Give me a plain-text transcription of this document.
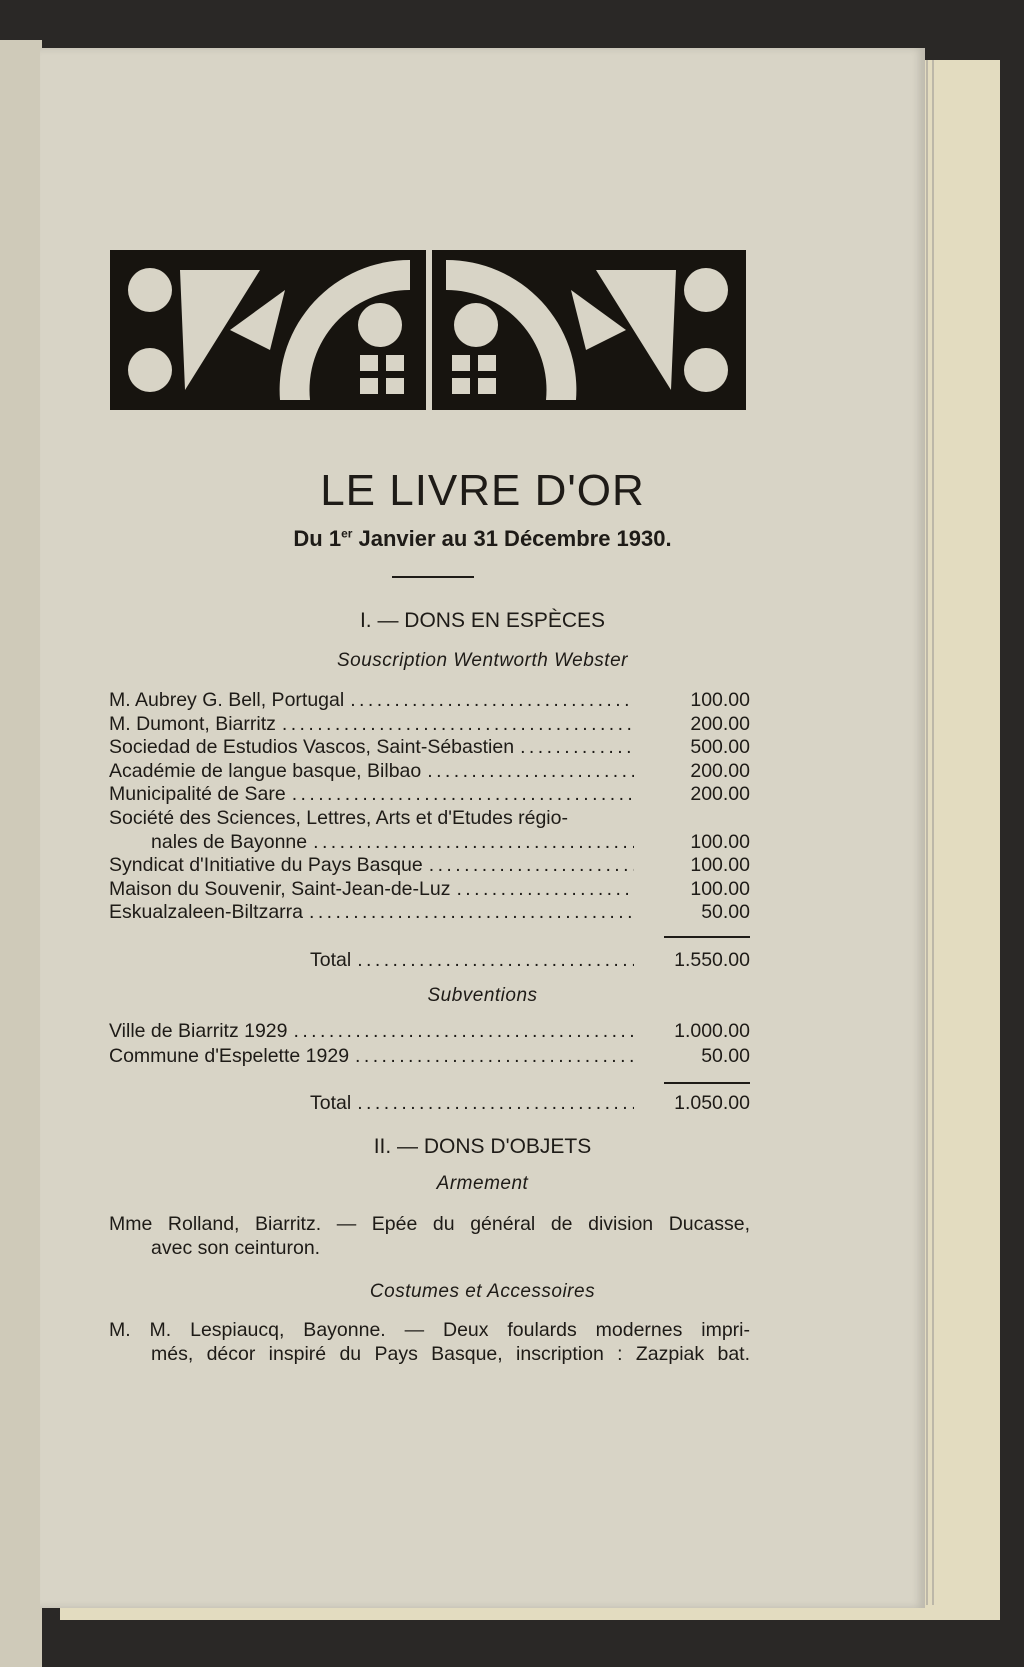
LE LIVRE D'OR
Du 1er Janvier au 31 Décembre 1930.
I. — DONS EN ESPÈCES
Souscription Wentworth Webster
M. Aubrey G. Bell, Portugal . . .	100.00
M. Dumont, Biarritz . . .	200.00
Sociedad de Estudios Vascos, Saint-Sébastien . . .	500.00
Académie de langue basque, Bilbao . . .	200.00
Municipalité de Sare . . .	200.00
Société des Sciences, Lettres, Arts et d'Etudes régio-
nales de Bayonne . . .	100.00
Syndicat d'Initiative du Pays Basque . . .	100.00
Maison du Souvenir, Saint-Jean-de-Luz . . .	100.00
Eskualzaleen-Biltzarra . . .	50.00
Total . . .	1.550.00
Subventions
Ville de Biarritz 1929 . . .	1.000.00
Commune d'Espelette 1929 . . .	50.00
Total . . .	1.050.00
II. — DONS D'OBJETS
Armement
Mme Rolland, Biarritz. — Epée du général de division Ducasse,
avec son ceinturon.
Costumes et Accessoires
M. M. Lespiaucq, Bayonne. — Deux foulards modernes impri-
més, décor inspiré du Pays Basque, inscription : Zazpiak bat.
